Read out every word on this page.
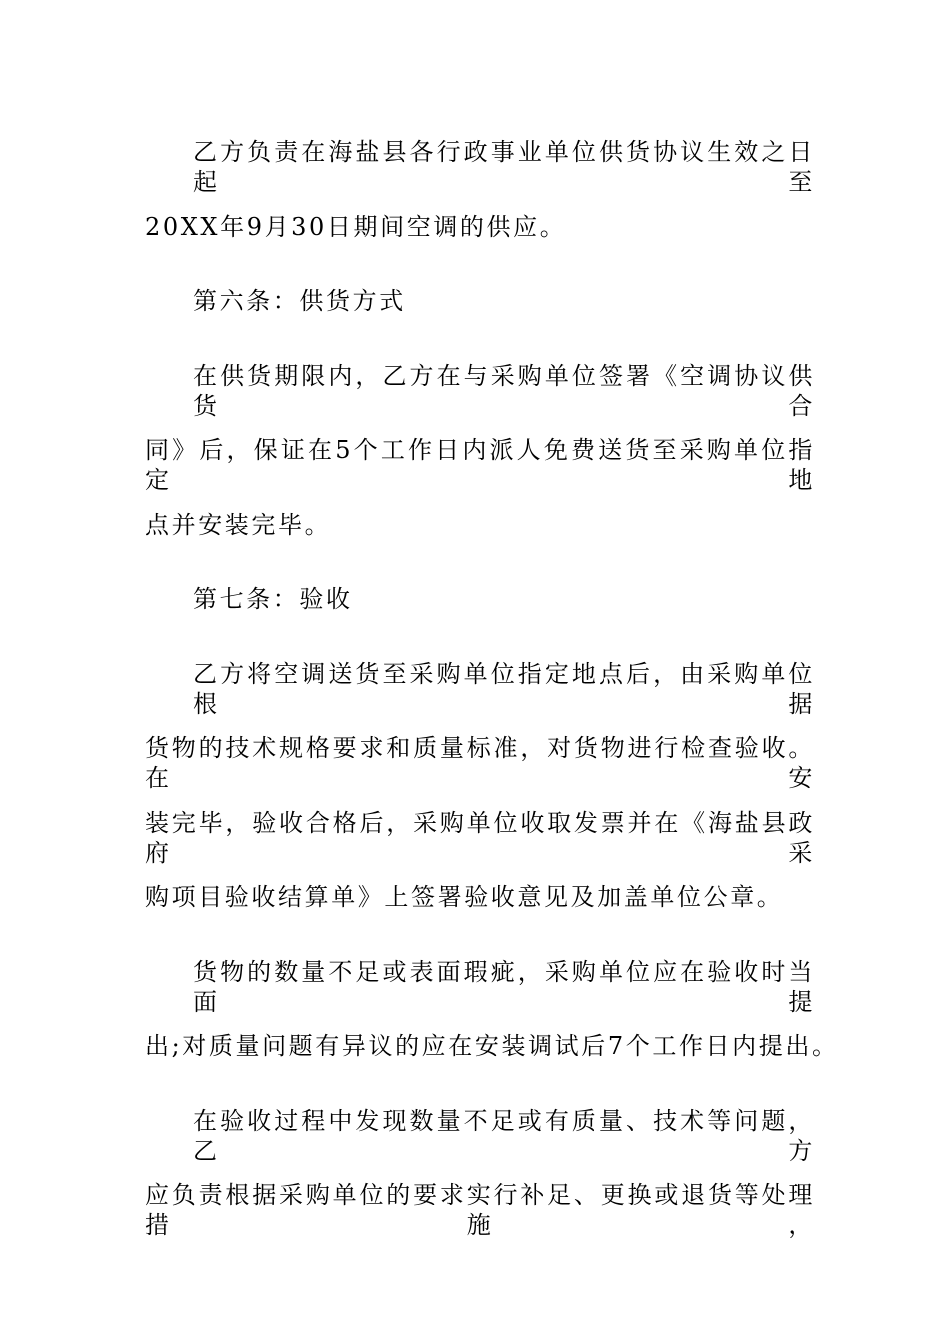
乙方负责在海盐县各行政事业单位供货协议生效之日起至
20XX年9月30日期间空调的供应。
第六条：供货方式
在供货期限内，乙方在与采购单位签署《空调协议供货合
同》后，保证在5个工作日内派人免费送货至采购单位指定地
点并安装完毕。
第七条：验收
乙方将空调送货至采购单位指定地点后，由采购单位根据
货物的技术规格要求和质量标准，对货物进行检查验收。在安
装完毕，验收合格后，采购单位收取发票并在《海盐县政府采
购项目验收结算单》上签署验收意见及加盖单位公章。
货物的数量不足或表面瑕疵，采购单位应在验收时当面提
出;对质量问题有异议的应在安装调试后7个工作日内提出。
在验收过程中发现数量不足或有质量、技术等问题，乙方
应负责根据采购单位的要求实行补足、更换或退货等处理措施，
